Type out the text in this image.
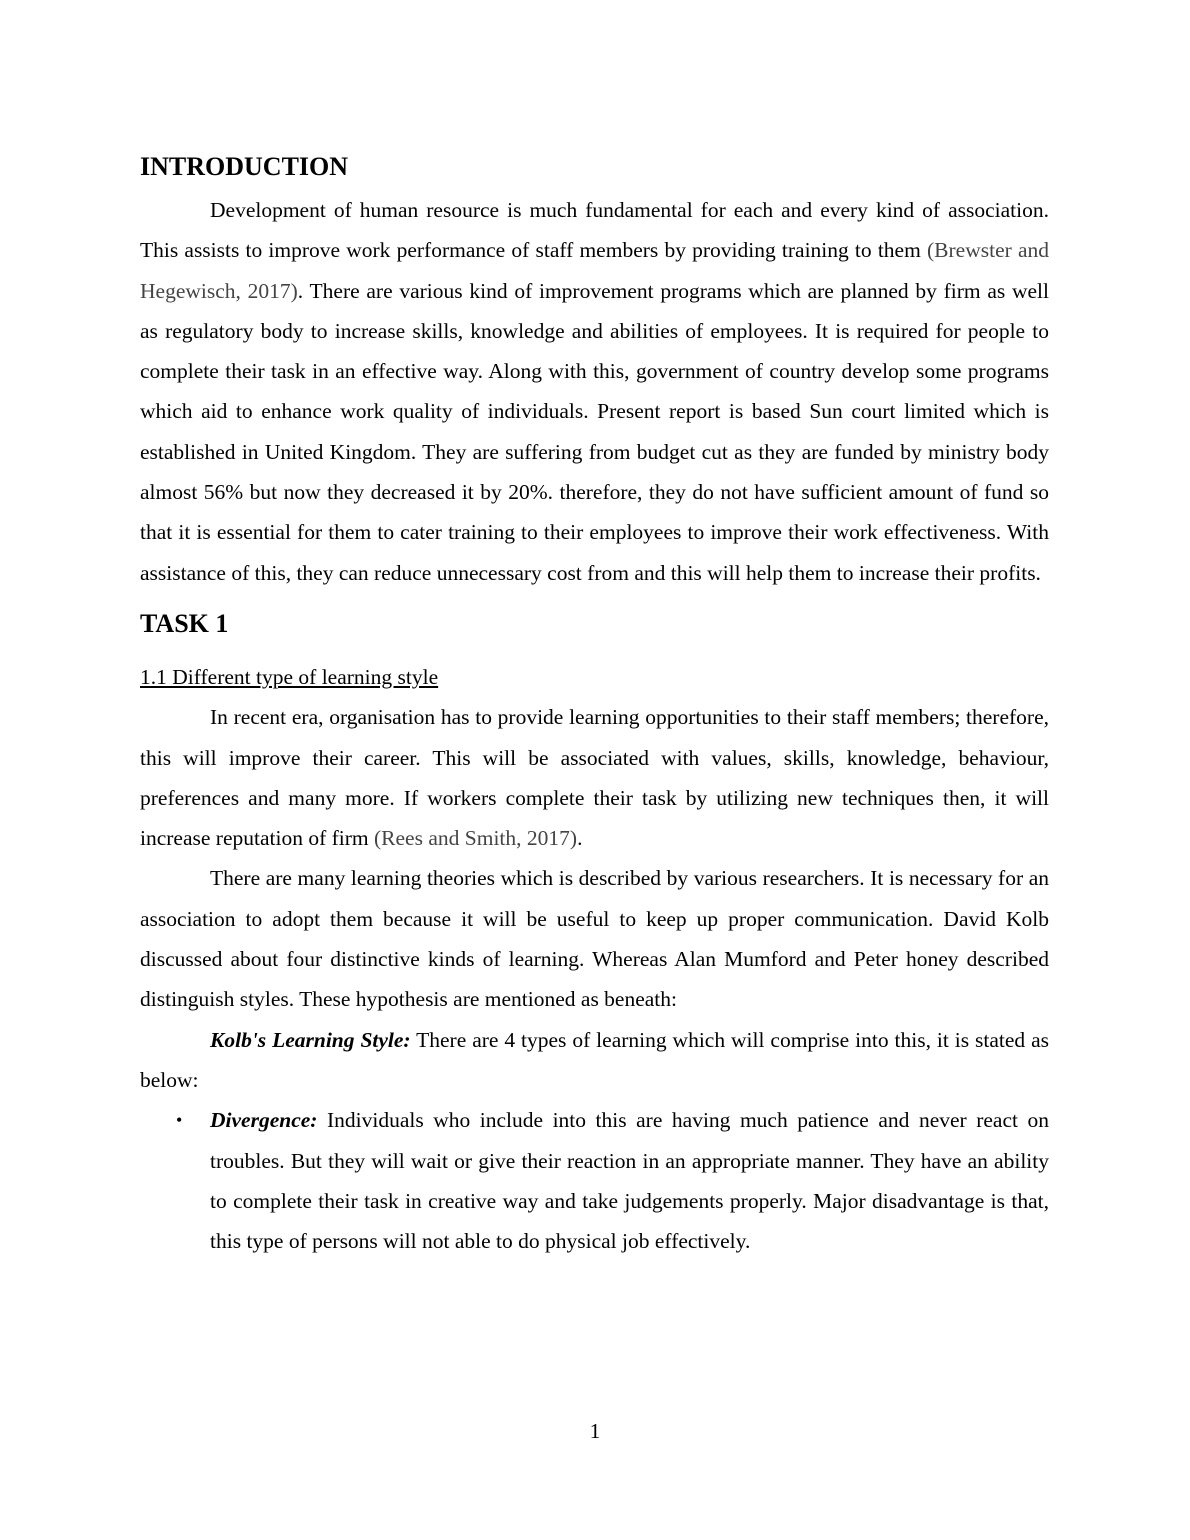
INTRODUCTION

Development of human resource is much fundamental for each and every kind of association. This assists to improve work performance of staff members by providing training to them (Brewster and Hegewisch, 2017). There are various kind of improvement programs which are planned by firm as well as regulatory body to increase skills, knowledge and abilities of employees. It is required for people to complete their task in an effective way. Along with this, government of country develop some programs which aid to enhance work quality of individuals. Present report is based Sun court limited which is established in United Kingdom. They are suffering from budget cut as they are funded by ministry body almost 56% but now they decreased it by 20%. therefore, they do not have sufficient amount of fund so that it is essential for them to cater training to their employees to improve their work effectiveness. With assistance of this, they can reduce unnecessary cost from and this will help them to increase their profits.

TASK 1
1.1 Different type of learning style

In recent era, organisation has to provide learning opportunities to their staff members; therefore, this will improve their career. This will be associated with values, skills, knowledge, behaviour, preferences and many more. If workers complete their task by utilizing new techniques then, it will increase reputation of firm (Rees and Smith, 2017).

There are many learning theories which is described by various researchers. It is necessary for an association to adopt them because it will be useful to keep up proper communication. David Kolb discussed about four distinctive kinds of learning. Whereas Alan Mumford and Peter honey described distinguish styles. These hypothesis are mentioned as beneath:

Kolb's Learning Style: There are 4 types of learning which will comprise into this, it is stated as below:

• Divergence: Individuals who include into this are having much patience and never react on troubles. But they will wait or give their reaction in an appropriate manner. They have an ability to complete their task in creative way and take judgements properly. Major disadvantage is that, this type of persons will not able to do physical job effectively.
1
